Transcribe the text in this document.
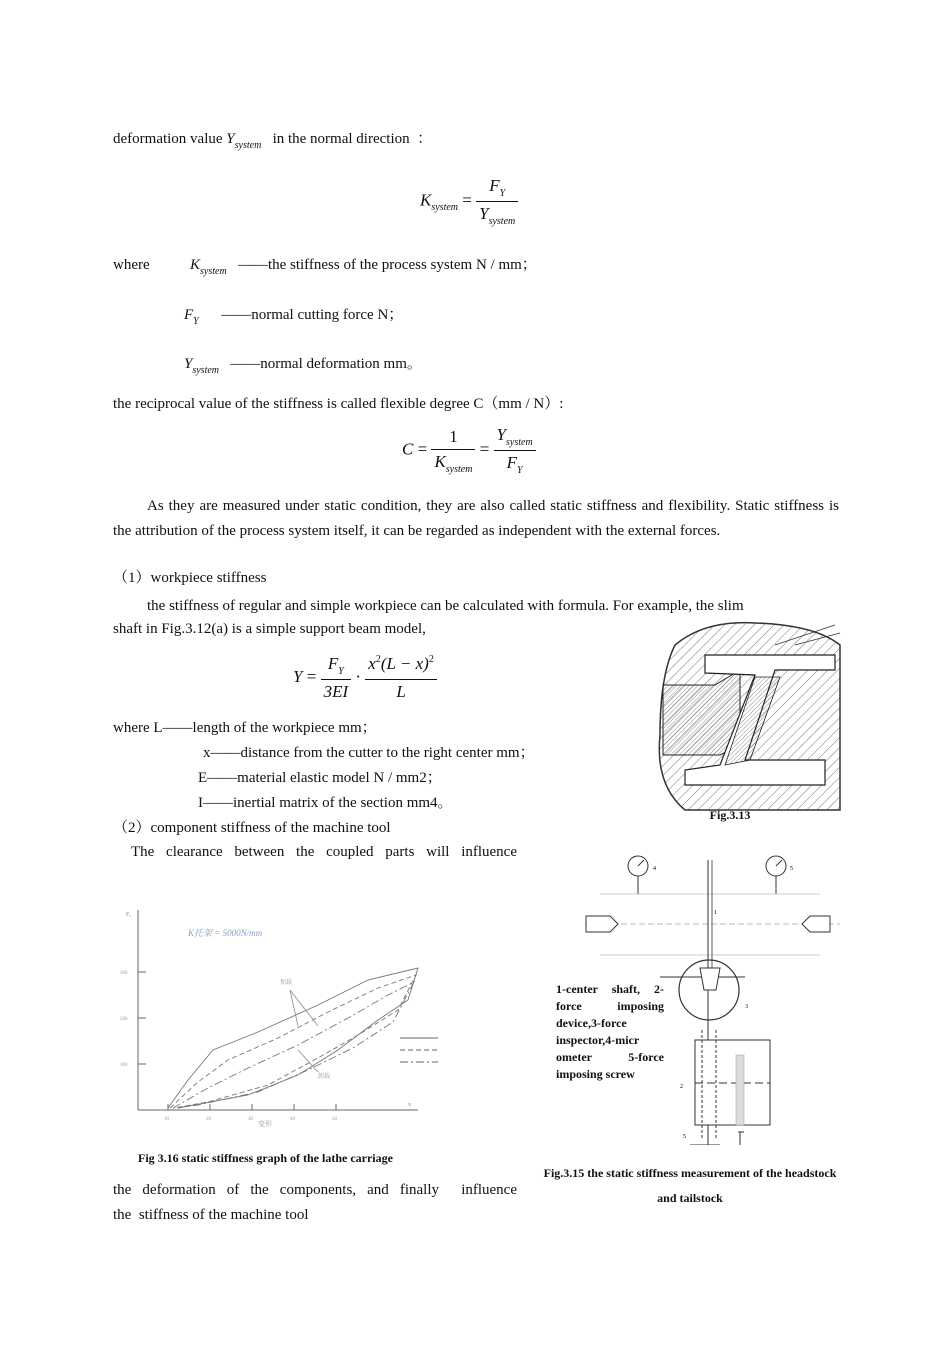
deformation value $Y_{system}$ in the normal direction  ：
$K_{system} = \frac{F_Y}{Y_{system}}$
where	$K_{system}$ ——the stiffness of the process system N / mm；
$F_Y$ ——normal cutting force N；
$Y_{system}$ ——normal deformation mm。
the reciprocal value of the stiffness is called flexible degree C（mm / N）:
$C = \frac{1}{K_{system}} = \frac{Y_{system}}{F_Y}$
As they are measured under static condition, they are also called static stiffness and flexibility. Static stiffness is the attribution of the process system itself, it can be regarded as independent with the external forces.
（1）workpiece stiffness
the stiffness of regular and simple workpiece can be calculated with formula. For example, the slim
shaft in Fig.3.12(a) is a simple support beam model,
$Y = \frac{F_Y}{3EI} \cdot \frac{x^2(L - x)^2}{L}$
where L——length of the workpiece mm；
x——distance from the cutter to the right center mm；
E——material elastic model N / mm2；
I——inertial matrix of the section mm4。
（2）component stiffness of the machine tool
The clearance between the coupled parts will influence
the deformation of the components, and finally  influence
the  stiffness of the machine tool
Fig.3.13
4	5
1
3
2
5
1-center shaft, 2-force imposing device,3-force inspector,4-micr ometer 5-force imposing screw
Fig.3.15 the static stiffness measurement of the headstock and tailstock
Fᵧ
x
100
200
300
10	20	30	40	50
K托架 = 5000N/mm
变形
加载
卸载
Fig 3.16 static stiffness graph of the lathe carriage
